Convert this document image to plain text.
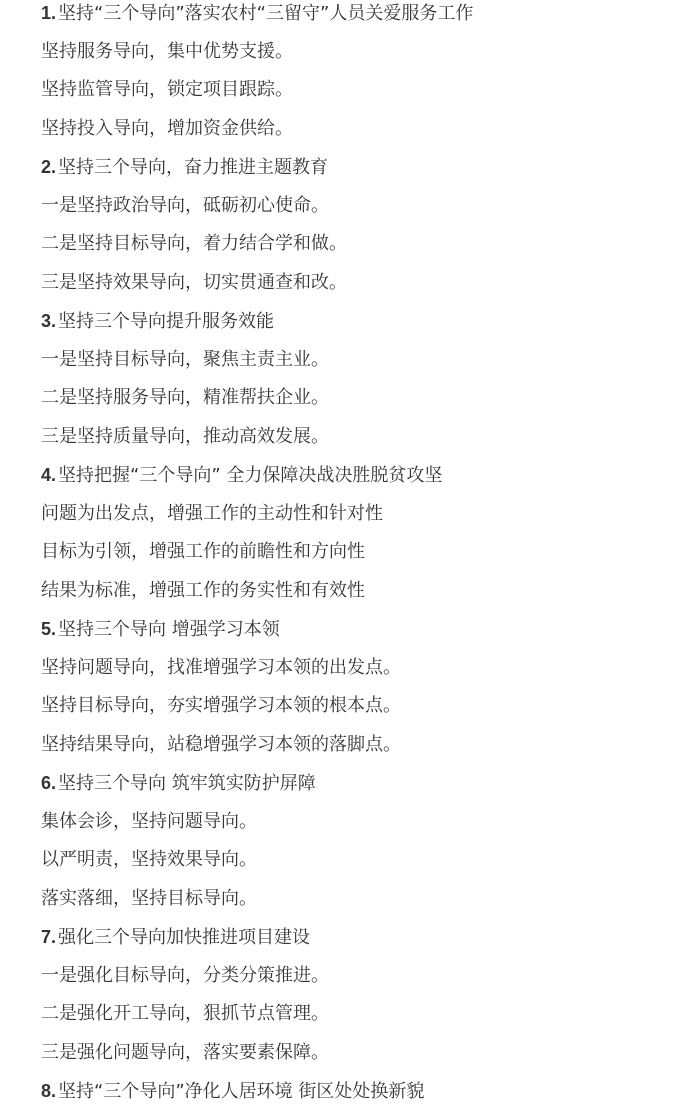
1. 坚持“三个导向”落实农村“三留守”人员关爱服务工作
坚持服务导向，集中优势支援。
坚持监管导向，锁定项目跟踪。
坚持投入导向，增加资金供给。
2. 坚持三个导向，奋力推进主题教育
一是坚持政治导向，砥砺初心使命。
二是坚持目标导向，着力结合学和做。
三是坚持效果导向，切实贯通查和改。
3. 坚持三个导向提升服务效能
一是坚持目标导向，聚焦主责主业。
二是坚持服务导向，精准帮扶企业。
三是坚持质量导向，推动高效发展。
4. 坚持把握“三个导向” 全力保障决战决胜脱贫攻坚
问题为出发点，增强工作的主动性和针对性
目标为引领，增强工作的前瞻性和方向性
结果为标准，增强工作的务实性和有效性
5. 坚持三个导向 增强学习本领
坚持问题导向，找准增强学习本领的出发点。
坚持目标导向，夯实增强学习本领的根本点。
坚持结果导向，站稳增强学习本领的落脚点。
6. 坚持三个导向 筑牢筑实防护屏障
集体会诊，坚持问题导向。
以严明责，坚持效果导向。
落实落细，坚持目标导向。
7. 强化三个导向加快推进项目建设
一是强化目标导向，分类分策推进。
二是强化开工导向，狠抓节点管理。
三是强化问题导向，落实要素保障。
8. 坚持“三个导向”净化人居环境 街区处处换新貌
